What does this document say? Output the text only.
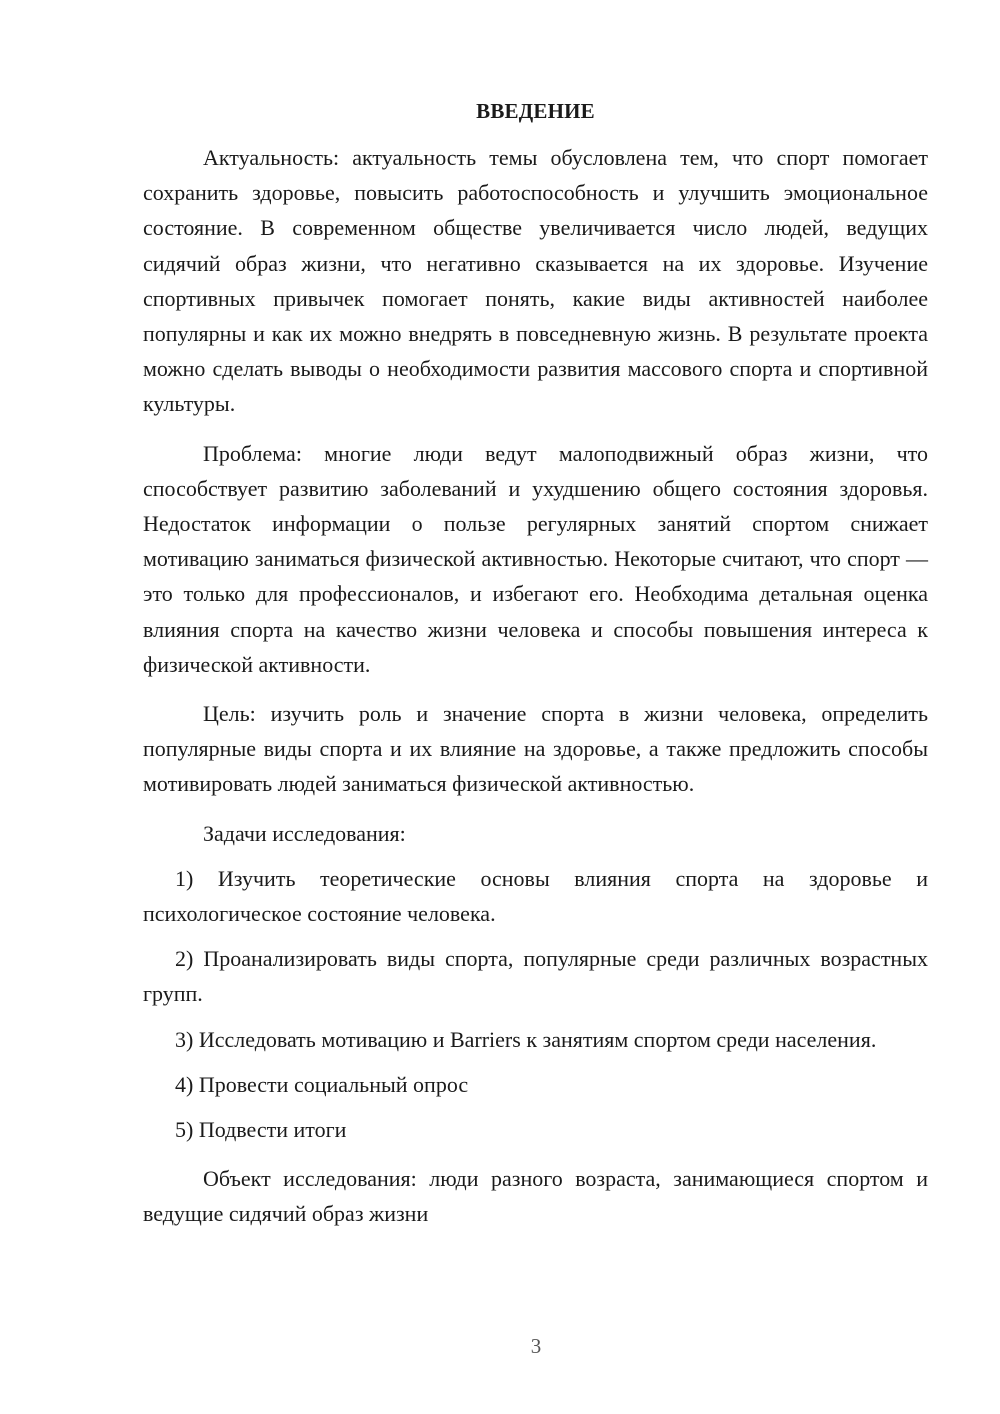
ВВЕДЕНИЕ

Актуальность: актуальность темы обусловлена тем, что спорт помогает сохранить здоровье, повысить работоспособность и улучшить эмоциональное состояние. В современном обществе увеличивается число людей, ведущих сидячий образ жизни, что негативно сказывается на их здоровье. Изучение спортивных привычек помогает понять, какие виды активностей наиболее популярны и как их можно внедрять в повседневную жизнь. В результате проекта можно сделать выводы о необходимости развития массового спорта и спортивной культуры.

Проблема: многие люди ведут малоподвижный образ жизни, что способствует развитию заболеваний и ухудшению общего состояния здоровья. Недостаток информации о пользе регулярных занятий спортом снижает мотивацию заниматься физической активностью. Некоторые считают, что спорт — это только для профессионалов, и избегают его. Необходима детальная оценка влияния спорта на качество жизни человека и способы повышения интереса к физической активности.

Цель: изучить роль и значение спорта в жизни человека, определить популярные виды спорта и их влияние на здоровье, а также предложить способы мотивировать людей заниматься физической активностью.

Задачи исследования:

1) Изучить теоретические основы влияния спорта на здоровье и психологическое состояние человека.

2) Проанализировать виды спорта, популярные среди различных возрастных групп.

3) Исследовать мотивацию и Barriers к занятиям спортом среди населения.

4) Провести социальный опрос

5) Подвести итоги

Объект исследования: люди разного возраста, занимающиеся спортом и ведущие сидячий образ жизни

3
